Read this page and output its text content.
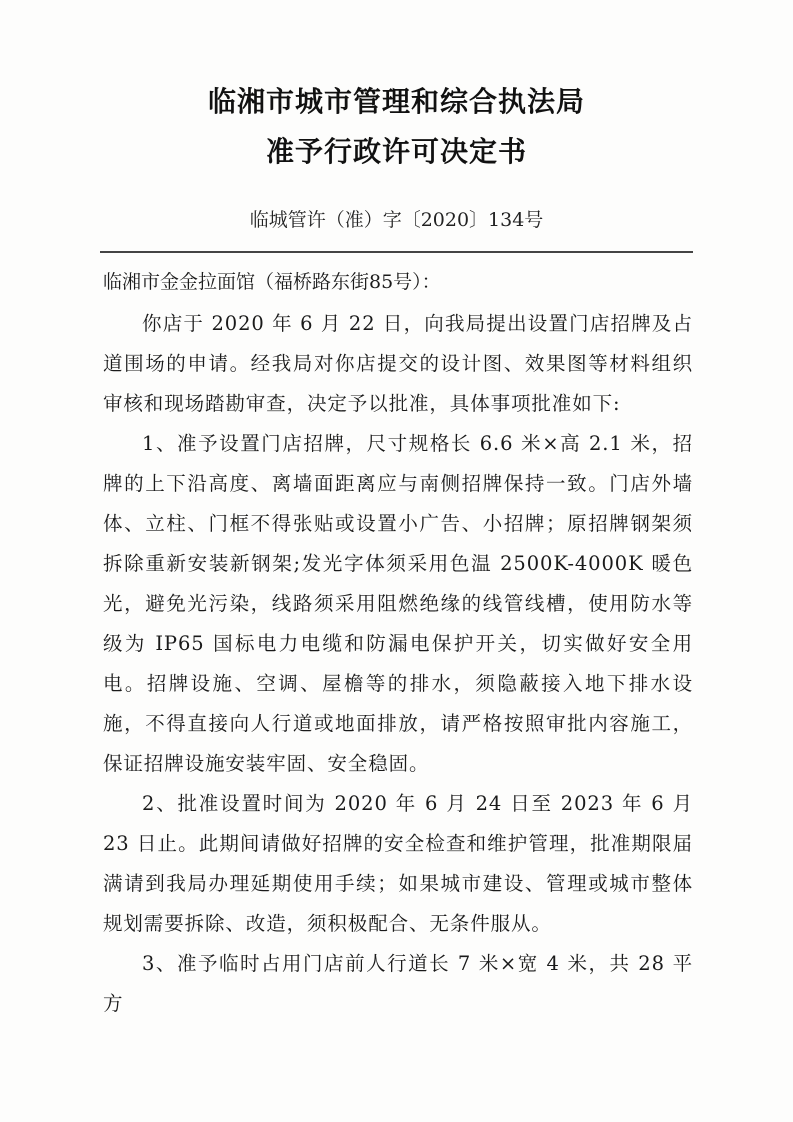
临湘市城市管理和综合执法局
准予行政许可决定书
临城管许（准）字〔2020〕134号
临湘市金金拉面馆（福桥路东街85号）：

你店于 2020 年 6 月 22 日，向我局提出设置门店招牌及占道围场的申请。经我局对你店提交的设计图、效果图等材料组织审核和现场踏勘审查，决定予以批准，具体事项批准如下:

1、准予设置门店招牌，尺寸规格长 6.6 米×高 2.1 米，招牌的上下沿高度、离墙面距离应与南侧招牌保持一致。门店外墙体、立柱、门框不得张贴或设置小广告、小招牌；原招牌钢架须拆除重新安装新钢架;发光字体须采用色温 2500K-4000K 暖色光，避免光污染，线路须采用阻燃绝缘的线管线槽，使用防水等级为 IP65 国标电力电缆和防漏电保护开关，切实做好安全用电。招牌设施、空调、屋檐等的排水，须隐蔽接入地下排水设施，不得直接向人行道或地面排放，请严格按照审批内容施工，保证招牌设施安装牢固、安全稳固。

2、批准设置时间为 2020 年 6 月 24 日至 2023 年 6 月 23 日止。此期间请做好招牌的安全检查和维护管理，批准期限届满请到我局办理延期使用手续；如果城市建设、管理或城市整体规划需要拆除、改造，须积极配合、无条件服从。

3、准予临时占用门店前人行道长 7 米×宽 4 米，共 28 平方
